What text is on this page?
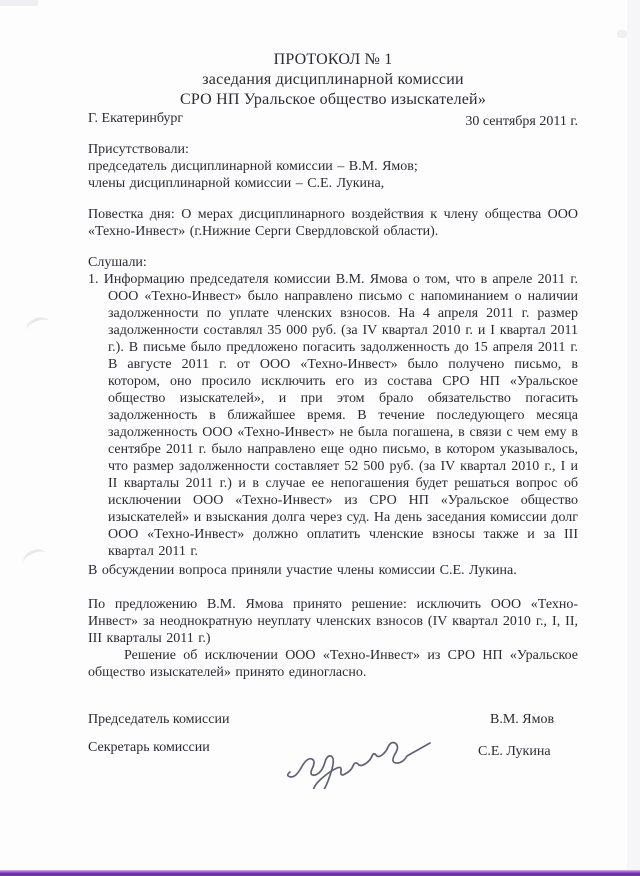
ПРОТОКОЛ № 1
заседания дисциплинарной комиссии
СРО НП Уральское общество изыскателей»
Г. Екатеринбург	30 сентября 2011 г.

Присутствовали:

председатель дисциплинарной комиссии – В.М. Ямов;

члены дисциплинарной комиссии – С.Е. Лукина,

Повестка дня: О мерах дисциплинарного воздействия к члену общества ООО «Техно-Инвест» (г.Нижние Серги Свердловской области).

Слушали:

1. Информацию председателя комиссии В.М. Ямова о том, что в апреле 2011 г. ООО «Техно-Инвест» было направлено письмо с напоминанием о наличии задолженности по уплате членских взносов. На 4 апреля 2011 г. размер задолженности составлял 35 000 руб. (за IV квартал 2010 г. и I квартал 2011 г.). В письме было предложено погасить задолженность до 15 апреля 2011 г. В августе 2011 г. от ООО «Техно-Инвест» было получено письмо, в котором, оно просило исключить его из состава СРО НП «Уральское общество изыскателей», и при этом брало обязательство погасить задолженность в ближайшее время. В течение последующего месяца задолженность ООО «Техно-Инвест» не была погашена, в связи с чем ему в сентябре 2011 г. было направлено еще одно письмо, в котором указывалось, что размер задолженности составляет 52 500 руб. (за IV квартал 2010 г., I и II кварталы 2011 г.) и в случае ее непогашения будет решаться вопрос об исключении ООО «Техно-Инвест» из СРО НП «Уральское общество изыскателей» и взыскания долга через суд. На день заседания комиссии долг ООО «Техно-Инвест» должно оплатить членские взносы также и за III квартал 2011 г.

В обсуждении вопроса приняли участие члены комиссии С.Е. Лукина.

По предложению В.М. Ямова принято решение: исключить ООО «Техно-Инвест» за неоднократную неуплату членских взносов (IV квартал 2010 г., I, II, III кварталы 2011 г.)

Решение об исключении ООО «Техно-Инвест» из СРО НП «Уральское общество изыскателей» принято единогласно.

Председатель комиссии	В.М. Ямов
Секретарь комиссии	С.Е. Лукина
